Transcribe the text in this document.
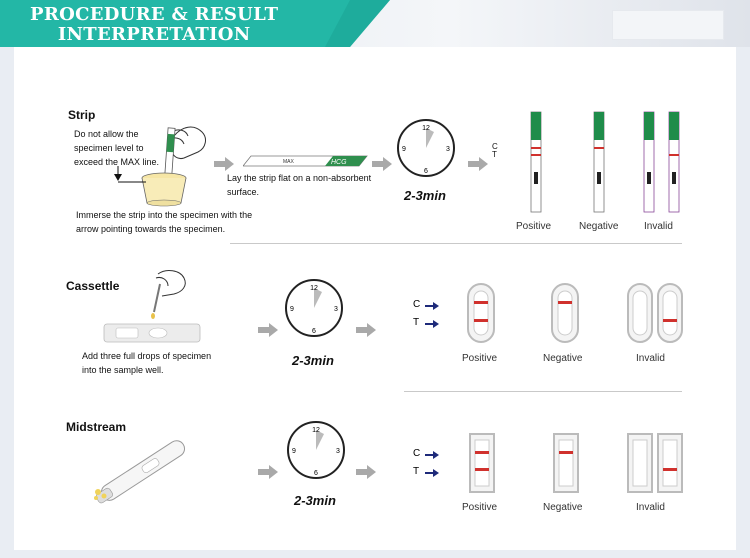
PROCEDURE & RESULT
INTERPRETATION
Strip
Do not allow the
specimen level to
exceed the MAX line.
Immerse the strip into the specimen with the
arrow pointing towards the specimen.
HCG
MAX
Lay the strip flat on a non-absorbent
surface.
12
3
6
9
2-3min
C
T
Positive	Negative	Invalid
Cassettle
Add three full drops of specimen
into the sample well.
12
3
6
9
2-3min
C
T
Positive	Negative	Invalid
Midstream	12
3
6
9
2-3min
C
T
Positive	Negative	Invalid
